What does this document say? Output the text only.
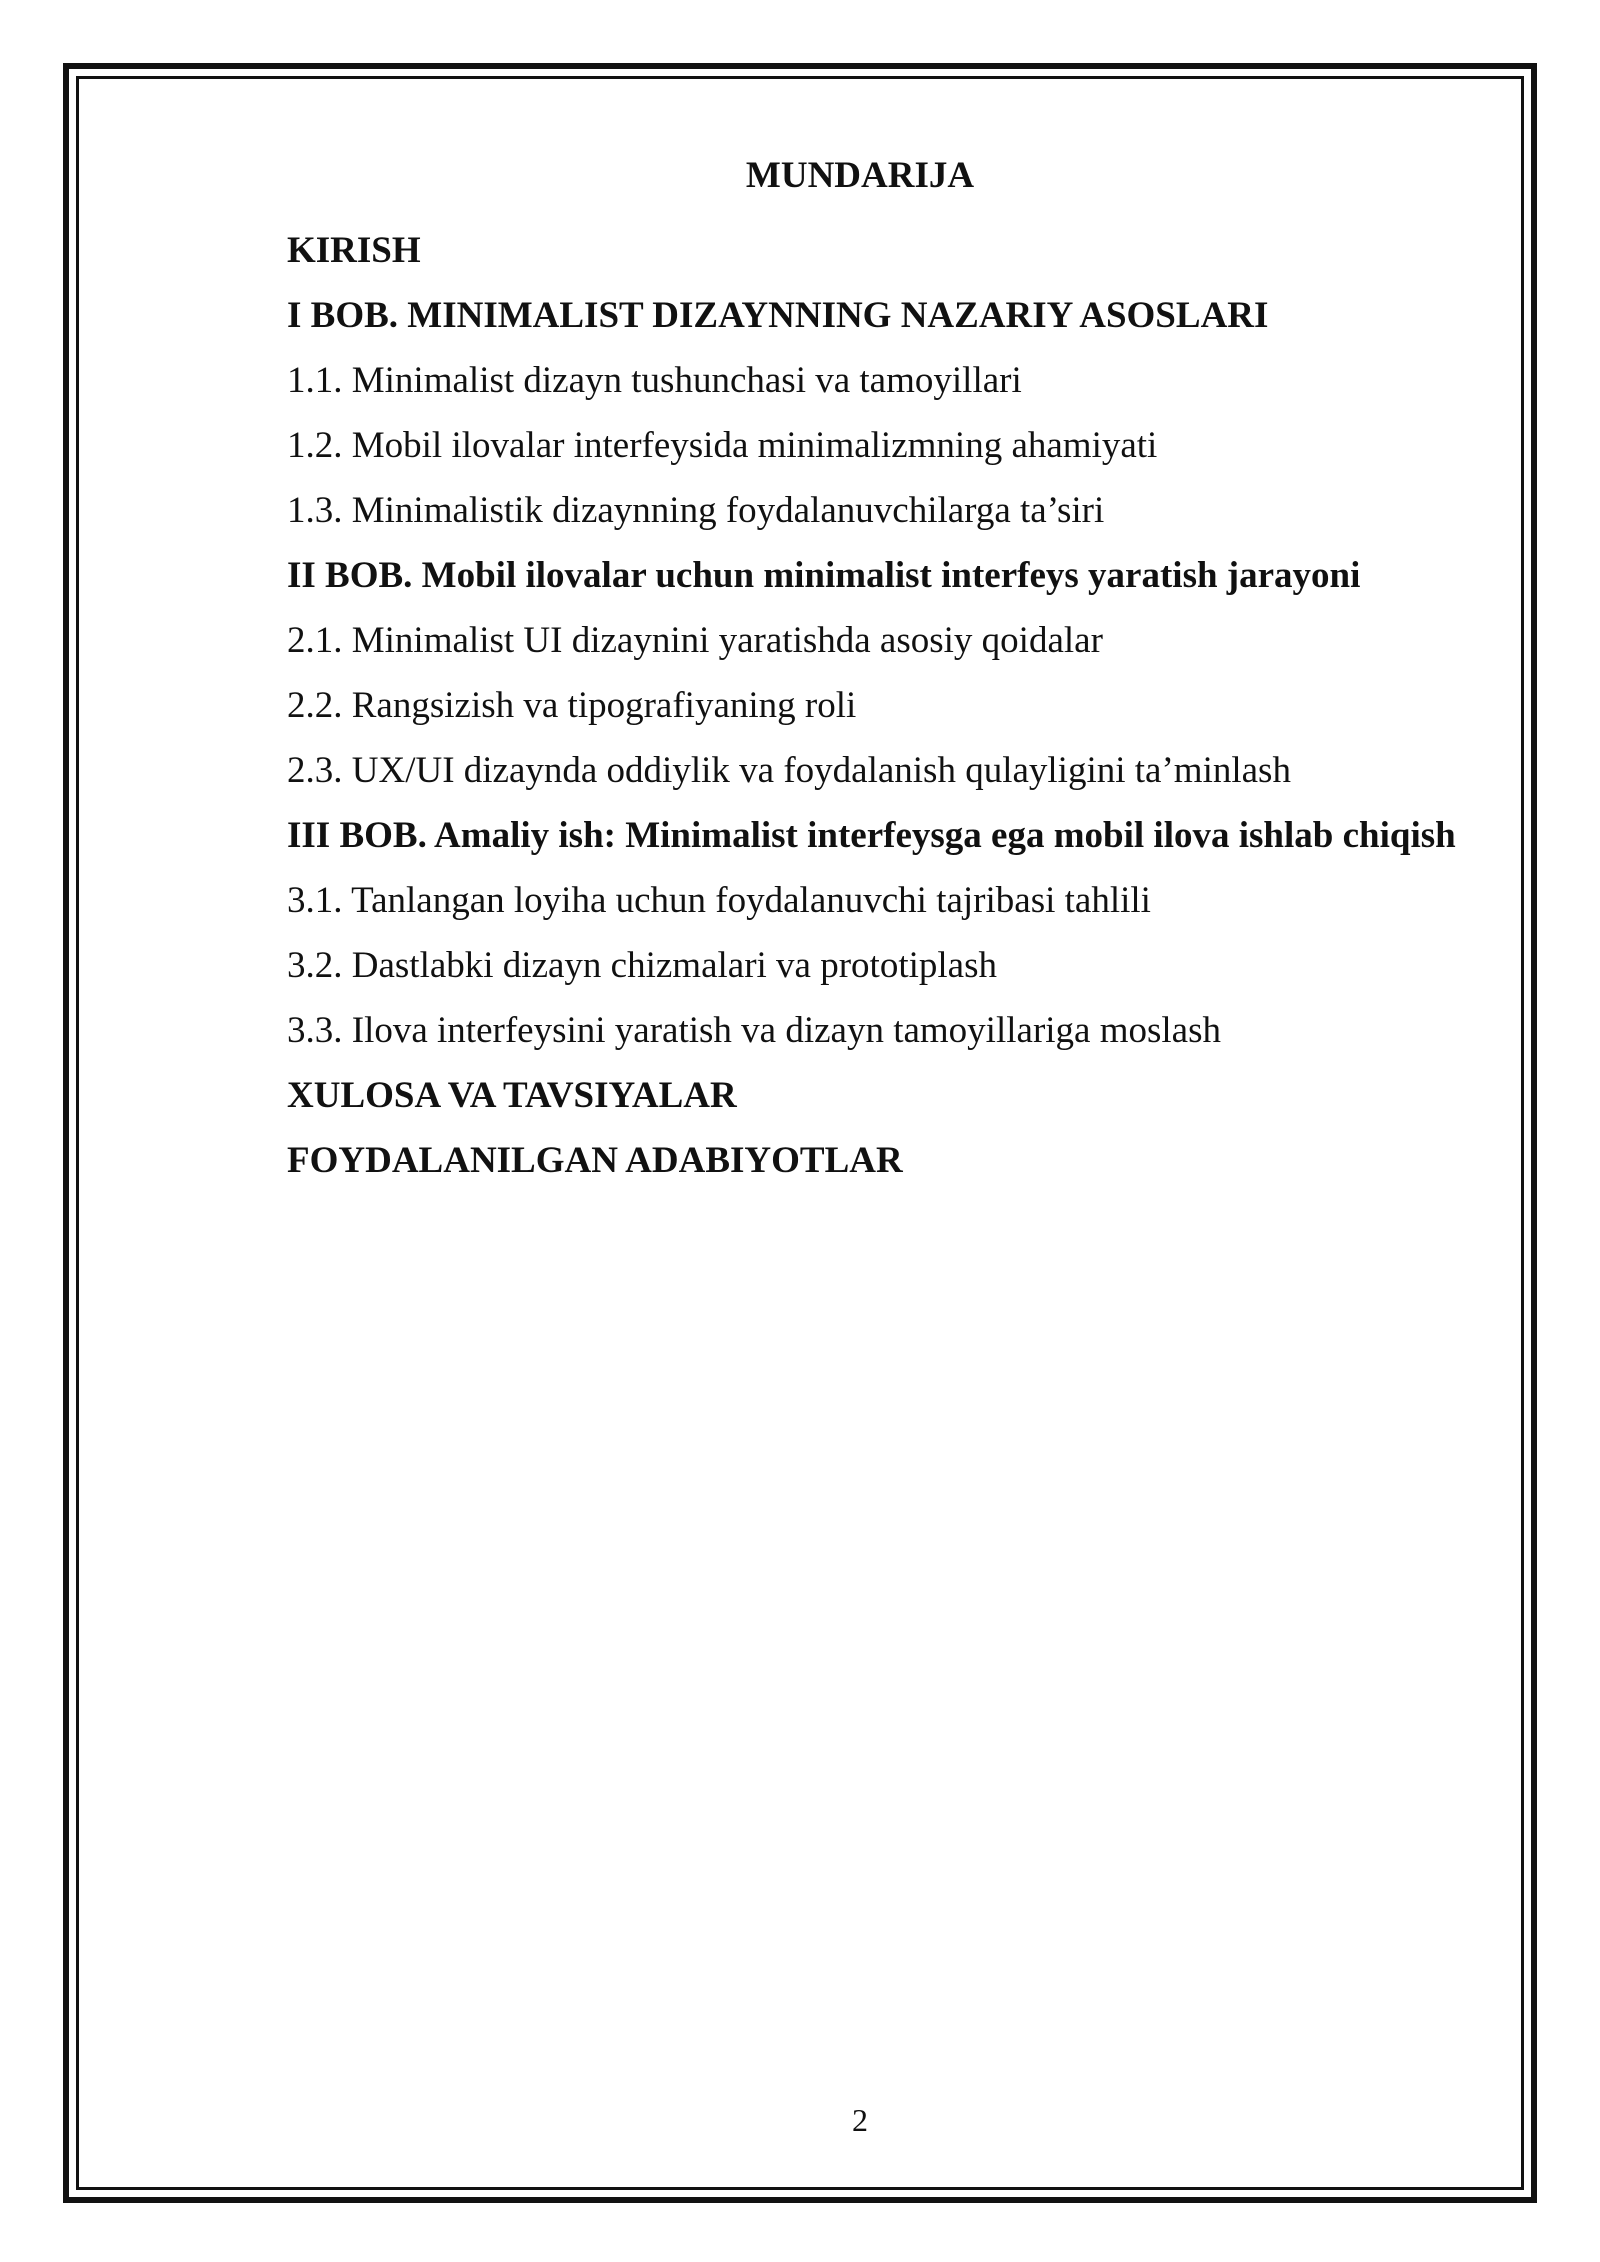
MUNDARIJA
KIRISH
I BOB. MINIMALIST DIZAYNNING NAZARIY ASOSLARI
1.1. Minimalist dizayn tushunchasi va tamoyillari
1.2. Mobil ilovalar interfeysida minimalizmning ahamiyati
1.3. Minimalistik dizaynning foydalanuvchilarga ta’siri
II BOB. Mobil ilovalar uchun minimalist interfeys yaratish jarayoni
2.1. Minimalist UI dizaynini yaratishda asosiy qoidalar
2.2. Rangsizish va tipografiyaning roli
2.3. UX/UI dizaynda oddiylik va foydalanish qulayligini ta’minlash
III BOB. Amaliy ish: Minimalist interfeysga ega mobil ilova ishlab chiqish
3.1. Tanlangan loyiha uchun foydalanuvchi tajribasi tahlili
3.2. Dastlabki dizayn chizmalari va prototiplash
3.3. Ilova interfeysini yaratish va dizayn tamoyillariga moslash
XULOSA VA TAVSIYALAR
FOYDALANILGAN ADABIYOTLAR
2
